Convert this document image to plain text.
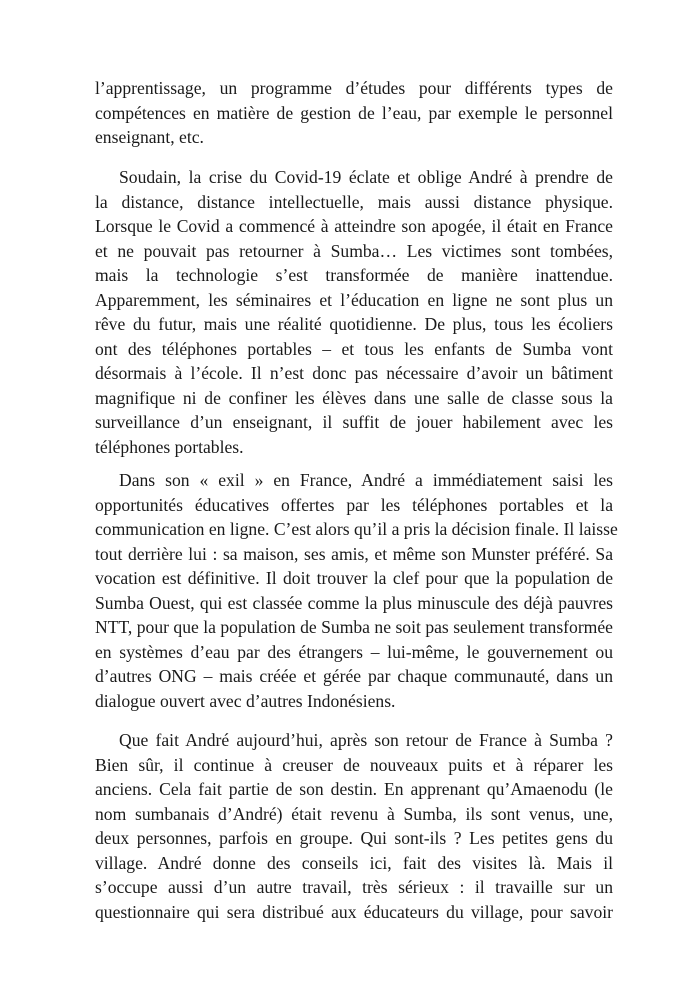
l’apprentissage, un programme d’études pour différents types de
compétences en matière de gestion de l’eau, par exemple le personnel
enseignant, etc.
Soudain, la crise du Covid-19 éclate et oblige André à prendre de
la distance, distance intellectuelle, mais aussi distance physique.
Lorsque le Covid a commencé à atteindre son apogée, il était en France
et ne pouvait pas retourner à Sumba… Les victimes sont tombées,
mais la technologie s’est transformée de manière inattendue.
Apparemment, les séminaires et l’éducation en ligne ne sont plus un
rêve du futur, mais une réalité quotidienne. De plus, tous les écoliers
ont des téléphones portables – et tous les enfants de Sumba vont
désormais à l’école. Il n’est donc pas nécessaire d’avoir un bâtiment
magnifique ni de confiner les élèves dans une salle de classe sous la
surveillance d’un enseignant, il suffit de jouer habilement avec les
téléphones portables.
Dans son « exil » en France, André a immédiatement saisi les
opportunités éducatives offertes par les téléphones portables et la
communication en ligne. C’est alors qu’il a pris la décision finale. Il laisse
tout derrière lui : sa maison, ses amis, et même son Munster préféré. Sa
vocation est définitive. Il doit trouver la clef pour que la population de
Sumba Ouest, qui est classée comme la plus minuscule des déjà pauvres
NTT, pour que la population de Sumba ne soit pas seulement transformée
en systèmes d’eau par des étrangers – lui-même, le gouvernement ou
d’autres ONG – mais créée et gérée par chaque communauté, dans un
dialogue ouvert avec d’autres Indonésiens.
Que fait André aujourd’hui, après son retour de France à Sumba ?
Bien sûr, il continue à creuser de nouveaux puits et à réparer les
anciens. Cela fait partie de son destin. En apprenant qu’Amaenodu (le
nom sumbanais d’André) était revenu à Sumba, ils sont venus, une,
deux personnes, parfois en groupe. Qui sont-ils ? Les petites gens du
village. André donne des conseils ici, fait des visites là. Mais il
s’occupe aussi d’un autre travail, très sérieux : il travaille sur un
questionnaire qui sera distribué aux éducateurs du village, pour savoir
